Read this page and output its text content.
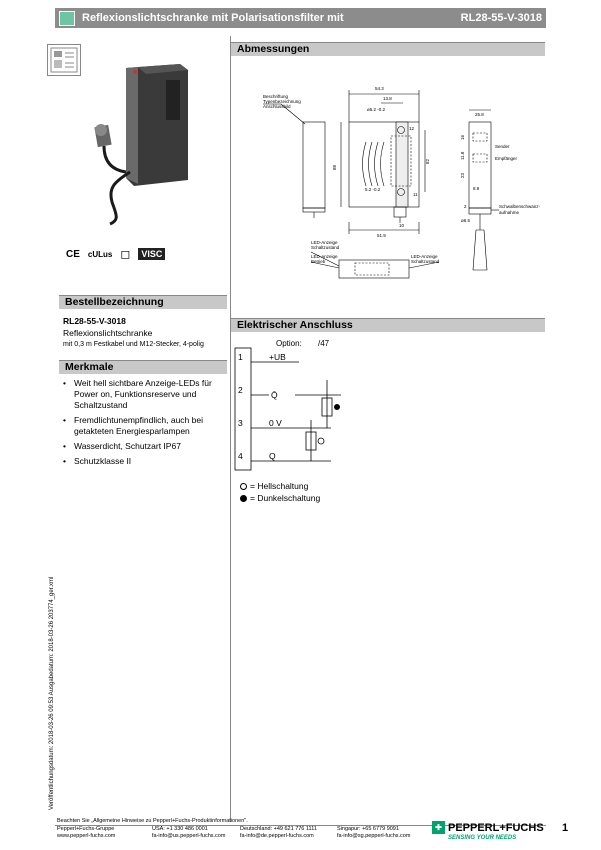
Reflexionslichtschranke mit Polarisationsfilter mit	RL28-55-V-3018
CE cULus ◻	VISC
Bestellbezeichnung
RL28-55-V-3018
Reflexionslichtschranke
mit 0,3 m Festkabel und M12-Stecker, 4-polig
Merkmale
• Weit hell sichtbare Anzeige-LEDs für Power on, Funktionsreserve und Schaltzustand
• Fremdlichtunempfindlich, auch bei getakteten Energiesparlampen
• Wasserdicht, Schutzart IP67
• Schutzklasse II
Veröffentlichungsdatum: 2018-03-26 09:53 Ausgabedatum: 2018-03-26 203774_ger.xml
Abmessungen
54.3
13.8
ø5.2 -0.2
12
88
82
5.2 -0.2
11
10
51.9
25.8
16
11.8
23
8.9
2
ø6.5
Beschriftung
Typenbezeichnung
Anschlussbild
Sender
Empfänger
Schwalbenschwanz-
aufnahme
LED-Anzeige
Schaltzustand
LED-Anzeige
Betrieb
LED-Anzeige
Schaltzustand
Elektrischer Anschluss
Option: /47
1
2
3
4
+UB
Q̄
0 V
Q
= Hellschaltung
= Dunkelschaltung
Beachten Sie „Allgemeine Hinweise zu Pepperl+Fuchs-Produktinformationen".
Pepperl+Fuchs-Gruppe
www.pepperl-fuchs.com
USA: +1 330 486 0001
fa-info@us.pepperl-fuchs.com
Deutschland: +49 621 776 1111
fa-info@de.pepperl-fuchs.com
Singapur: +65 6779 9091
fa-info@sg.pepperl-fuchs.com
✚ PEPPERL+FUCHS
SENSING YOUR NEEDS
1
